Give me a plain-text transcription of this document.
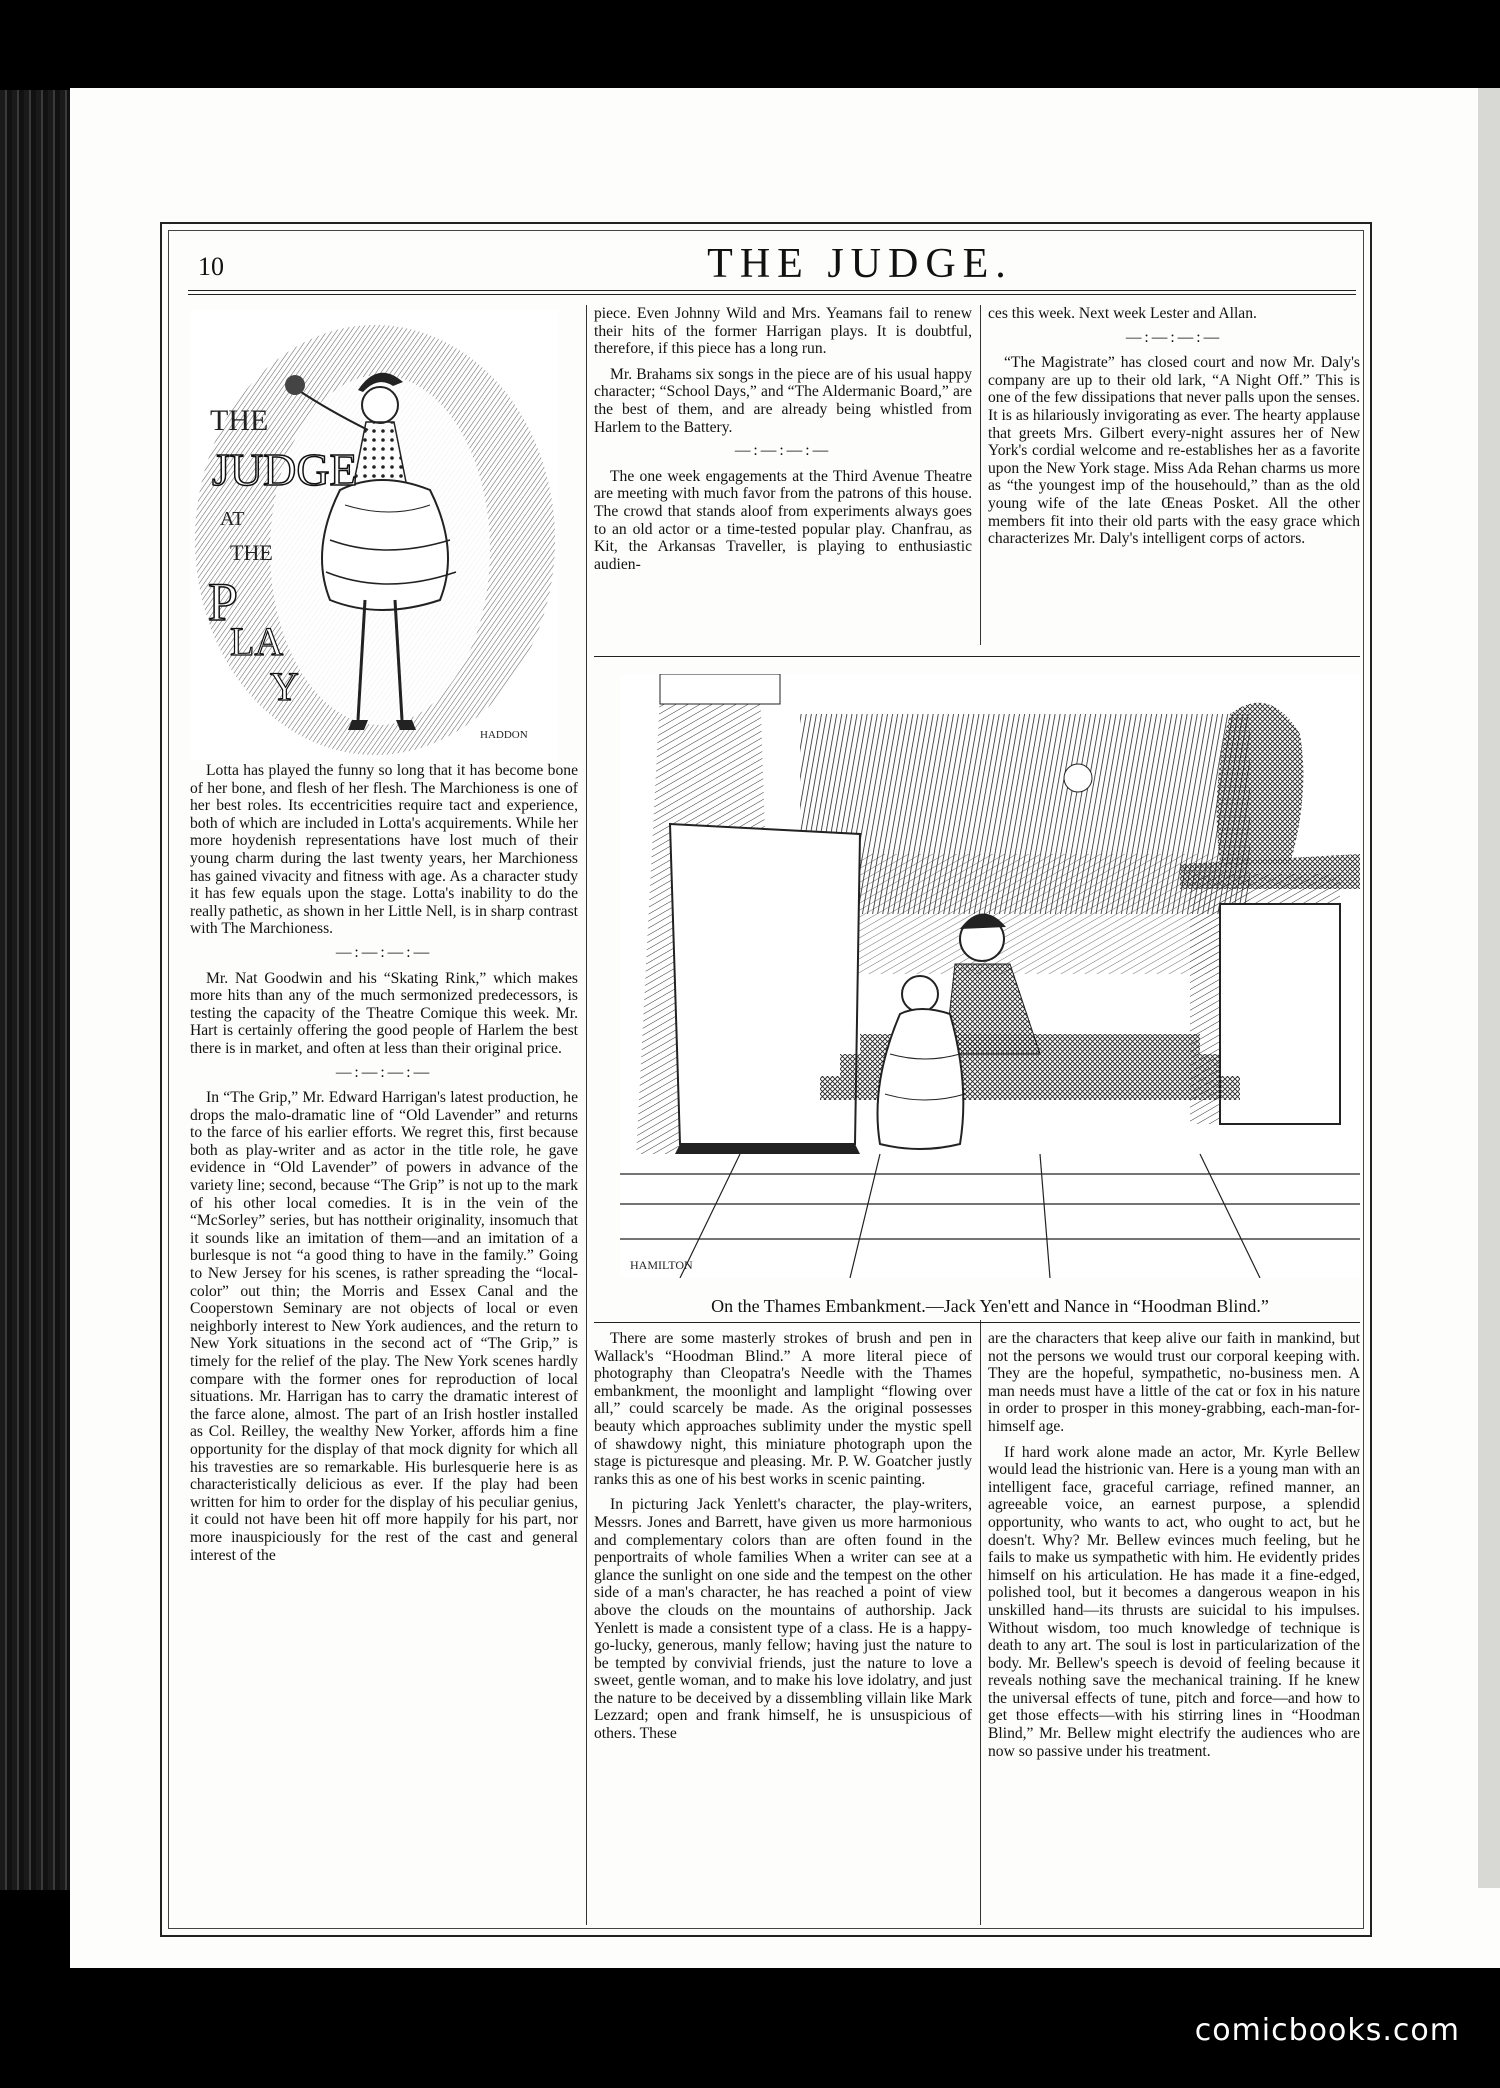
10	THE JUDGE.
THE
JUDGE
AT
THE
P
LA
Y
HADDON

Lotta has played the funny so long that it has become bone of her bone, and flesh of her flesh. The Marchioness is one of her best roles. Its eccentricities require tact and experience, both of which are included in Lotta's acquirements. While her more hoydenish representations have lost much of their young charm during the last twenty years, her Marchioness has gained vivacity and fitness with age. As a character study it has few equals upon the stage. Lotta's inability to do the really pathetic, as shown in her Little Nell, is in sharp contrast with The Marchioness.

—:—:—:—

Mr. Nat Goodwin and his “Skating Rink,” which makes more hits than any of the much sermonized predecessors, is testing the capacity of the Theatre Comique this week. Mr. Hart is certainly offering the good people of Harlem the best there is in market, and often at less than their original price.

—:—:—:—

In “The Grip,” Mr. Edward Harrigan's latest production, he drops the malo-dramatic line of “Old Lavender” and returns to the farce of his earlier efforts. We regret this, first because both as play-writer and as actor in the title role, he gave evidence in “Old Lavender” of powers in advance of the variety line; second, because “The Grip” is not up to the mark of his other local comedies. It is in the vein of the “McSorley” series, but has nottheir originality, insomuch that it sounds like an imitation of them—and an imitation of a burlesque is not “a good thing to have in the family.” Going to New Jersey for his scenes, is rather spreading the “local-color” out thin; the Morris and Essex Canal and the Cooperstown Seminary are not objects of local or even neighborly interest to New York audiences, and the return to New York situations in the second act of “The Grip,” is timely for the relief of the play. The New York scenes hardly compare with the former ones for reproduction of local situations. Mr. Harrigan has to carry the dramatic interest of the farce alone, almost. The part of an Irish hostler installed as Col. Reilley, the wealthy New Yorker, affords him a fine opportunity for the display of that mock dignity for which all his travesties are so remarkable. His burlesquerie here is as characteristically delicious as ever. If the play had been written for him to order for the display of his peculiar genius, it could not have been hit off more happily for his part, nor more inauspiciously for the rest of the cast and general interest of the

piece. Even Johnny Wild and Mrs. Yeamans fail to renew their hits of the former Harrigan plays. It is doubtful, therefore, if this piece has a long run.

Mr. Brahams six songs in the piece are of his usual happy character; “School Days,” and “The Aldermanic Board,” are the best of them, and are already being whistled from Harlem to the Battery.

—:—:—:—

The one week engagements at the Third Avenue Theatre are meeting with much favor from the patrons of this house. The crowd that stands aloof from experiments always goes to an old actor or a time-tested popular play. Chanfrau, as Kit, the Arkansas Traveller, is playing to enthusiastic audien-

ces this week. Next week Lester and Allan.

—:—:—:—

“The Magistrate” has closed court and now Mr. Daly's company are up to their old lark, “A Night Off.” This is one of the few dissipations that never palls upon the senses. It is as hilariously invigorating as ever. The hearty applause that greets Mrs. Gilbert every-night assures her of New York's cordial welcome and re-establishes her as a favorite upon the New York stage. Miss Ada Rehan charms us more as “the youngest imp of the househould,” than as the old young wife of the late Œneas Posket. All the other members fit into their old parts with the easy grace which characterizes Mr. Daly's intelligent corps of actors.

HAMILTON
On the Thames Embankment.—Jack Yen'ett and Nance in “Hoodman Blind.”

There are some masterly strokes of brush and pen in Wallack's “Hoodman Blind.” A more literal piece of photography than Cleopatra's Needle with the Thames embankment, the moonlight and lamplight “flowing over all,” could scarcely be made. As the original possesses beauty which approaches sublimity under the mystic spell of shawdowy night, this miniature photograph upon the stage is picturesque and pleasing. Mr. P. W. Goatcher justly ranks this as one of his best works in scenic painting.

In picturing Jack Yenlett's character, the play-writers, Messrs. Jones and Barrett, have given us more harmonious and complementary colors than are often found in the penportraits of whole families When a writer can see at a glance the sunlight on one side and the tempest on the other side of a man's character, he has reached a point of view above the clouds on the mountains of authorship. Jack Yenlett is made a consistent type of a class. He is a happy-go-lucky, generous, manly fellow; having just the nature to be tempted by convivial friends, just the nature to love a sweet, gentle woman, and to make his love idolatry, and just the nature to be deceived by a dissembling villain like Mark Lezzard; open and frank himself, he is unsuspicious of others. These

are the characters that keep alive our faith in mankind, but not the persons we would trust our corporal keeping with. They are the hopeful, sympathetic, no-business men. A man needs must have a little of the cat or fox in his nature in order to prosper in this money-grabbing, each-man-for-himself age.

If hard work alone made an actor, Mr. Kyrle Bellew would lead the histrionic van. Here is a young man with an intelligent face, graceful carriage, refined manner, an agreeable voice, an earnest purpose, a splendid opportunity, who wants to act, who ought to act, but he doesn't. Why? Mr. Bellew evinces much feeling, but he fails to make us sympathetic with him. He evidently prides himself on his articulation. He has made it a fine-edged, polished tool, but it becomes a dangerous weapon in his unskilled hand—its thrusts are suicidal to his impulses. Without wisdom, too much knowledge of technique is death to any art. The soul is lost in particularization of the body. Mr. Bellew's speech is devoid of feeling because it reveals nothing save the mechanical training. If he knew the universal effects of tune, pitch and force—and how to get those effects—with his stirring lines in “Hoodman Blind,” Mr. Bellew might electrify the audiences who are now so passive under his treatment.

comicbooks.com
